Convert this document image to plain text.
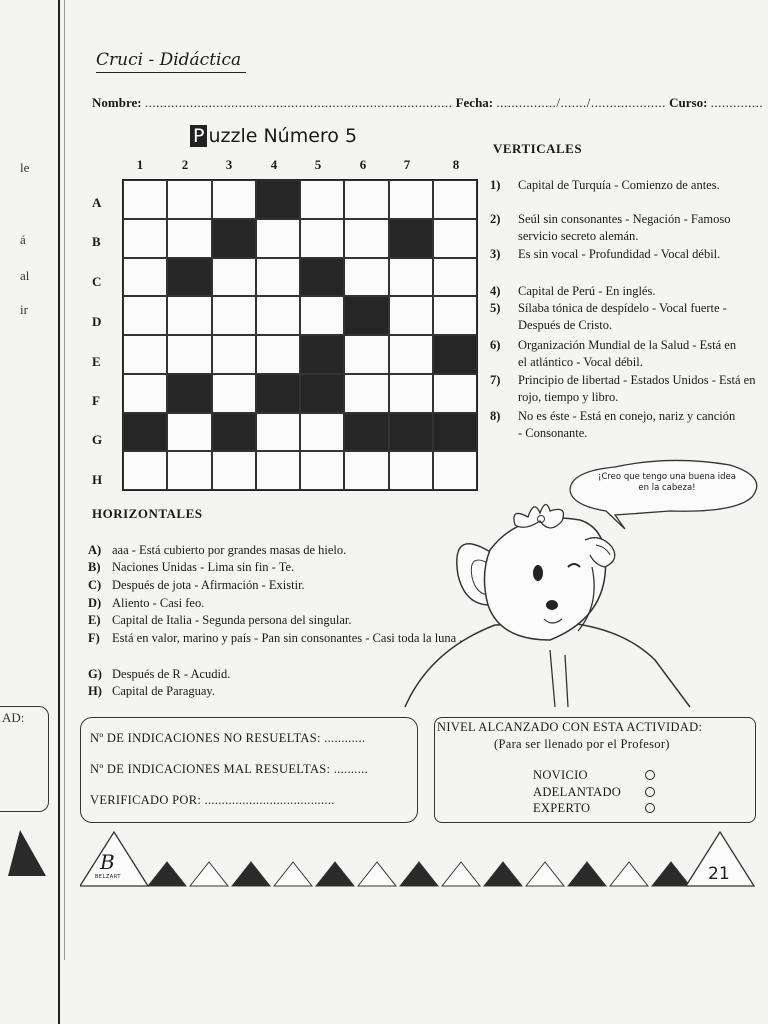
le
á
al
ir
AD:
Cruci - Didáctica
Nombre: .................................................................................. Fecha: ................/......./.................... Curso: ..............
P uzzle Número 5
1	2	3	4	5	6	7	8
A
B
C
D
E
F
G
H
VERTICALES
1)	Capital de Turquía - Comienzo de antes.
2)	Seúl sin consonantes - Negación - Famoso servicio secreto alemán.
3)	Es sin vocal - Profundidad - Vocal débil.
4)	Capital de Perú - En inglés.
5)	Sílaba tónica de despídelo - Vocal fuerte - Después de Cristo.
6)	Organización Mundial de la Salud - Está en el atlántico - Vocal débil.
7)	Principio de libertad - Estados Unidos - Está en rojo, tiempo y libro.
8)	No es éste - Está en conejo, nariz y canción - Consonante.
HORIZONTALES
A) aaa - Está cubierto por grandes masas de hielo.
B) Naciones Unidas - Lima sin fin - Te.
C) Después de jota - Afirmación - Existir.
D) Aliento - Casi feo.
E) Capital de Italia - Segunda persona del singular.
F) Está en valor, marino y país - Pan sin consonantes - Casi toda la luna .
G) Después de R - Acudid.
H) Capital de Paraguay.
¡Creo que tengo una buena idea
en la cabeza!
Nº DE INDICACIONES NO RESUELTAS: ............
Nº DE INDICACIONES MAL RESUELTAS: ..........
VERIFICADO POR: ......................................
NIVEL ALCANZADO CON ESTA ACTIVIDAD:
(Para ser llenado por el Profesor)
NOVICIO
ADELANTADO
EXPERTO
B
BELZART	21
